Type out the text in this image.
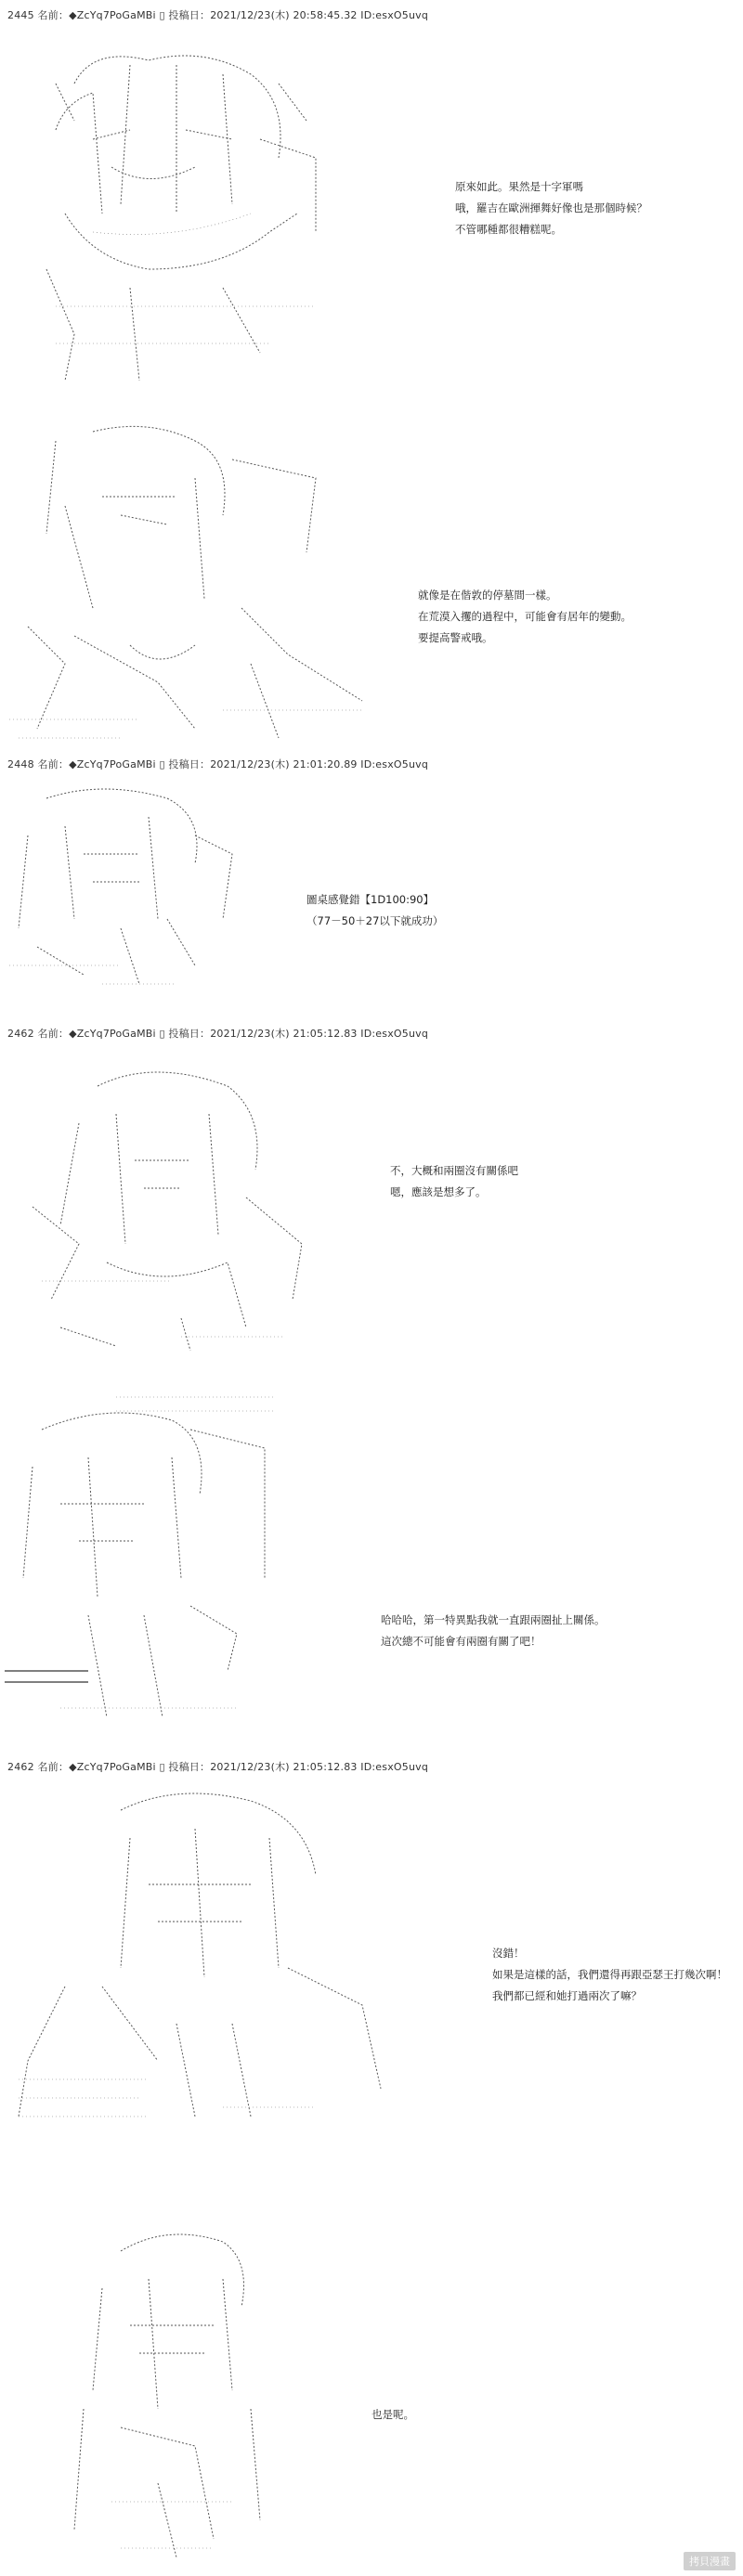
2445 名前：◆ZcYq7PoGaMBi ▯ 投稿日：2021/12/23(木) 20:58:45.32 ID:esxO5uvq
原來如此。果然是十字軍嗎
哦，羅吉在歐洲揮舞好像也是那個時候？
不管哪種都很糟糕呢。
就像是在偕敦的停墓間一樣。
在荒漠入攫的過程中，可能會有居年的變動。
要提高警戒哦。
2448 名前：◆ZcYq7PoGaMBi ▯ 投稿日：2021/12/23(木) 21:01:20.89 ID:esxO5uvq
圖桌感覺錯【1D100:90】
（77－50＋27以下就成功）
2462 名前：◆ZcYq7PoGaMBi ▯ 投稿日：2021/12/23(木) 21:05:12.83 ID:esxO5uvq
不，大概和兩圈沒有關係吧
嗯，應該是想多了。
哈哈哈，第一特異點我就一直跟兩圈扯上關係。
這次總不可能會有兩圈有關了吧！
2462 名前：◆ZcYq7PoGaMBi ▯ 投稿日：2021/12/23(木) 21:05:12.83 ID:esxO5uvq
沒錯！
如果是這樣的話，我們還得再跟亞瑟王打幾次啊！
我們都已經和她打過兩次了嘛？
也是呢。
拷貝漫畫
